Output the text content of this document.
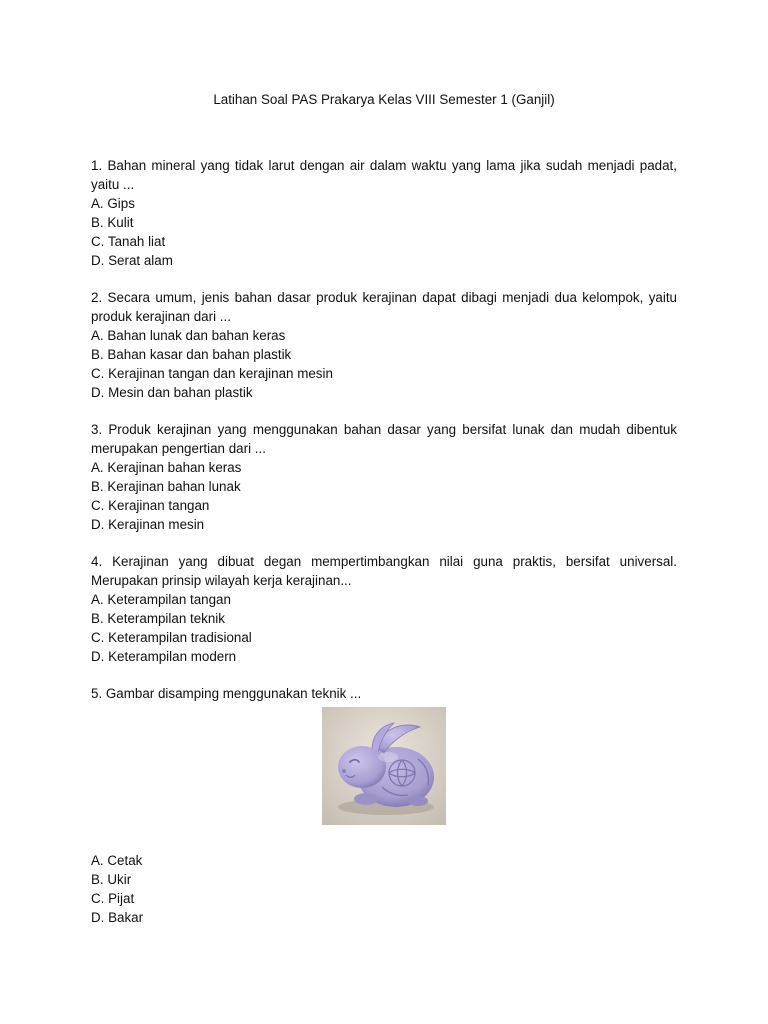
Latihan Soal PAS Prakarya Kelas VIII Semester 1 (Ganjil)

1. Bahan mineral yang tidak larut dengan air dalam waktu yang lama jika sudah menjadi padat, yaitu ...

A. Gips
B. Kulit
C. Tanah liat
D. Serat alam

2. Secara umum, jenis bahan dasar produk kerajinan dapat dibagi menjadi dua kelompok, yaitu produk kerajinan dari ...

A. Bahan lunak dan bahan keras
B. Bahan kasar dan bahan plastik
C. Kerajinan tangan dan kerajinan mesin
D. Mesin dan bahan plastik

3. Produk kerajinan yang menggunakan bahan dasar yang bersifat lunak dan mudah dibentuk merupakan pengertian dari ...

A. Kerajinan bahan keras
B. Kerajinan bahan lunak
C. Kerajinan tangan
D. Kerajinan mesin

4. Kerajinan yang dibuat degan mempertimbangkan nilai guna praktis, bersifat universal. Merupakan prinsip wilayah kerja kerajinan...

A. Keterampilan tangan
B. Keterampilan teknik
C. Keterampilan tradisional
D. Keterampilan modern

5. Gambar disamping menggunakan teknik ...

A. Cetak
B. Ukir
C. Pijat
D. Bakar
